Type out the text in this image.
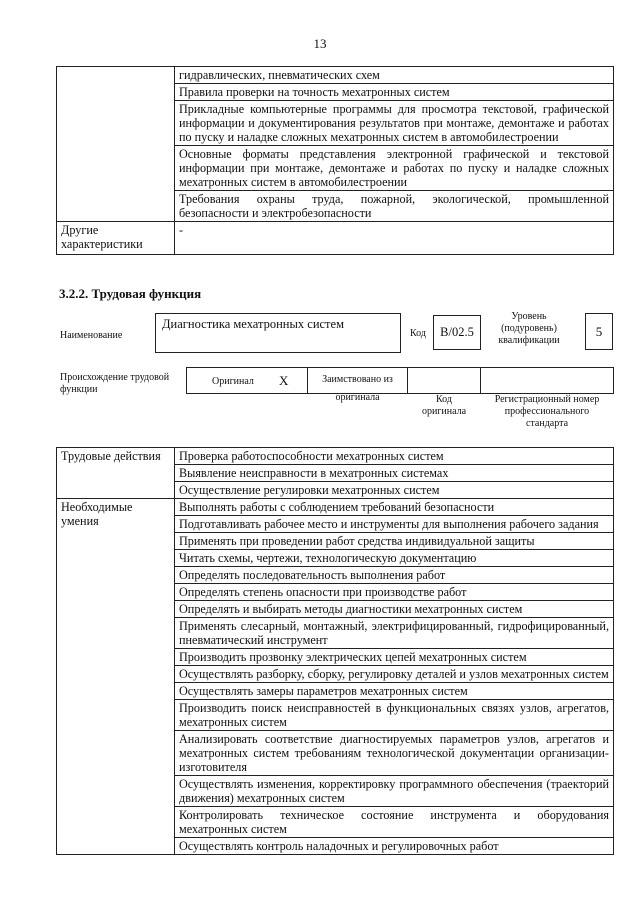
13
	гидравлических, пневматических схем
	Правила проверки на точность мехатронных систем
	Прикладные компьютерные программы для просмотра текстовой, графической информации и документирования результатов при монтаже, демонтаже и работах по пуску и наладке сложных мехатронных систем в автомобилестроении
	Основные форматы представления электронной графической и текстовой информации при монтаже, демонтаже и работах по пуску и наладке сложных мехатронных систем в автомобилестроении
	Требования охраны труда, пожарной, экологической, промышленной безопасности и электробезопасности
Другие характеристики	-
3.2.2. Трудовая функция
Наименование
Диагностика мехатронных систем
Код	B/02.5
Уровень (подуровень) квалификации
5
Происхождение трудовой функции
Оригинал X	Заимствовано из оригинала	Код оригинала
Регистрационный номер профессионального стандарта
Трудовые действия	Проверка работоспособности мехатронных систем
	Выявление неисправности в мехатронных системах
	Осуществление регулировки мехатронных систем
Необходимые умения	Выполнять работы с соблюдением требований безопасности
	Подготавливать рабочее место и инструменты для выполнения рабочего задания
	Применять при проведении работ средства индивидуальной защиты
	Читать схемы, чертежи, технологическую документацию
	Определять последовательность выполнения работ
	Определять степень опасности при производстве работ
	Определять и выбирать методы диагностики мехатронных систем
	Применять слесарный, монтажный, электрифицированный, гидрофицированный, пневматический инструмент
	Производить прозвонку электрических цепей мехатронных систем
	Осуществлять разборку, сборку, регулировку деталей и узлов мехатронных систем
	Осуществлять замеры параметров мехатронных систем
	Производить поиск неисправностей в функциональных связях узлов, агрегатов, мехатронных систем
	Анализировать соответствие диагностируемых параметров узлов, агрегатов и мехатронных систем требованиям технологической документации организации-изготовителя
	Осуществлять изменения, корректировку программного обеспечения (траекторий движения) мехатронных систем
	Контролировать техническое состояние инструмента и оборудования мехатронных систем
	Осуществлять контроль наладочных и регулировочных работ
